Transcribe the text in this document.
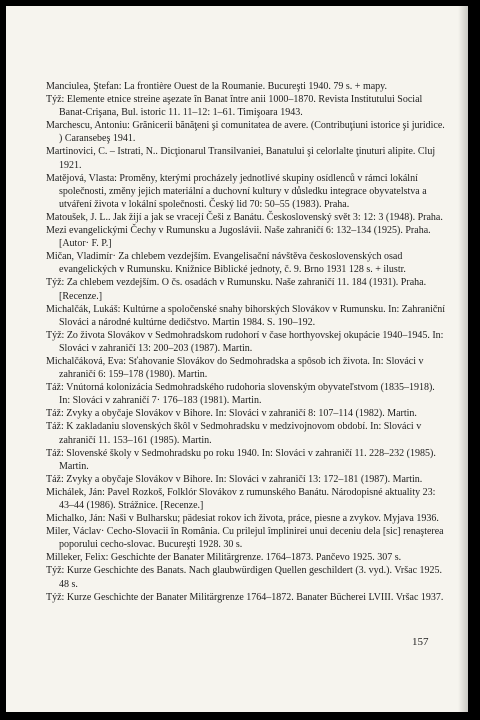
Manciulea, Ştefan: La frontière Ouest de la Roumanie. Bucureşti 1940. 79 s. + mapy.

Týž: Elemente etnice streine aşezate în Banat între anii 1000–1870. Revista Institutului Social Banat-Crişana, Bul. istoric 11. 11–12: 1–61. Timişoara 1943.

Marchescu, Antoniu: Grănicerii bănăţeni şi comunitatea de avere. (Contribuţiuni istorice şi juridice. ) Caransebeş 1941.

Martinovici, C. – Istrati, N.. Dicţionarul Transilvaniei, Banatului şi celorlalte ţinuturi alipite. Cluj 1921.

Matějová, Vlasta: Proměny, kterými procházely jednotlivé skupiny osídlenců v rámci lokální společnosti, změny jejich materiální a duchovní kultury v důsledku integrace obyvatelstva a utváření života v lokální společnosti. Český lid 70: 50–55 (1983). Praha.

Matoušek, J. L.. Jak žijí a jak se vracejí Češi z Banátu. Československý svět 3: 12: 3 (1948). Praha.

Mezi evangelickými Čechy v Rumunsku a Jugoslávii. Naše zahraničí 6: 132–134 (1925). Praha. [Autor· F. P.]

Mičan, Vladimír· Za chlebem vezdejším. Evangelisační návštěva československých osad evangelických v Rumunsku. Knižnice Biblické jednoty, č. 9. Brno 1931 128 s. + ilustr.

Týž: Za chlebem vezdejším. O čs. osadách v Rumunsku. Naše zahraničí 11. 184 (1931). Praha. [Recenze.]

Michalčák, Lukáš: Kultúrne a spoločenské snahy bihorských Slovákov v Rumunsku. In: Zahraniční Slováci a národné kultúrne dedičstvo. Martin 1984. S. 190–192.

Týž: Zo života Slovákov v Sedmohradskom rudohorí v čase horthyovskej okupácie 1940–1945. In: Slováci v zahraničí 13: 200–203 (1987). Martin.

Michalčáková, Eva: Sťahovanie Slovákov do Sedmohradska a spôsob ich života. In: Slováci v zahraničí 6: 159–178 (1980). Martin.

Táž: Vnútorná kolonizácia Sedmohradského rudohoria slovenským obyvateľstvom (1835–1918). In: Slováci v zahraničí 7· 176–183 (1981). Martin.

Táž: Zvyky a obyčaje Slovákov v Bihore. In: Slováci v zahraničí 8: 107–114 (1982). Martin.

Táž: K zakladaniu slovenských škôl v Sedmohradsku v medzivojnovom období. In: Slováci v zahraničí 11. 153–161 (1985). Martin.

Táž: Slovenské školy v Sedmohradsku po roku 1940. In: Slováci v zahraničí 11. 228–232 (1985). Martin.

Táž: Zvyky a obyčaje Slovákov v Bihore. In: Slováci v zahraničí 13: 172–181 (1987). Martin.

Michálek, Ján: Pavel Rozkoš, Folklór Slovákov z rumunského Banátu. Národopisné aktuality 23: 43–44 (1986). Strážnice. [Recenze.]

Michalko, Ján: Naši v Bulharsku; pädesiat rokov ich života, práce, piesne a zvykov. Myjava 1936.

Miler, Václav· Cecho-Slovacii în România. Cu prilejul împlinirei unui deceniu dela [sic] renaşterea poporului cecho-slovac. Bucureşti 1928. 30 s.

Milleker, Felix: Geschichte der Banater Militärgrenze. 1764–1873. Pančevo 1925. 307 s.

Týž: Kurze Geschichte des Banats. Nach glaubwürdigen Quellen geschildert (3. vyd.). Vršac 1925. 48 s.

Týž: Kurze Geschichte der Banater Militärgrenze 1764–1872. Banater Bücherei LVIII. Vršac 1937.

157
